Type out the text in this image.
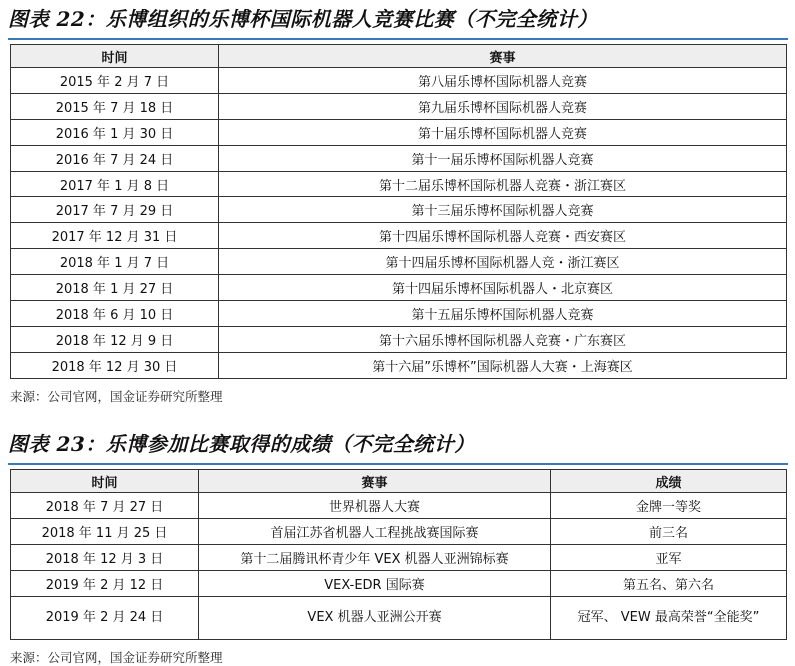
图表 22：乐博组织的乐博杯国际机器人竞赛比赛（不完全统计）
时间	赛事
2015 年 2 月 7 日	第八届乐博杯国际机器人竞赛
2015 年 7 月 18 日	第九届乐博杯国际机器人竞赛
2016 年 1 月 30 日	第十届乐博杯国际机器人竞赛
2016 年 7 月 24 日	第十一届乐博杯国际机器人竞赛
2017 年 1 月 8 日	第十二届乐博杯国际机器人竞赛・浙江赛区
2017 年 7 月 29 日	第十三届乐博杯国际机器人竞赛
2017 年 12 月 31 日	第十四届乐博杯国际机器人竞赛・西安赛区
2018 年 1 月 7 日	第十四届乐博杯国际机器人竞・浙江赛区
2018 年 1 月 27 日	第十四届乐博杯国际机器人・北京赛区
2018 年 6 月 10 日	第十五届乐博杯国际机器人竞赛
2018 年 12 月 9 日	第十六届乐博杯国际机器人竞赛・广东赛区
2018 年 12 月 30 日	第十六届”乐博杯”国际机器人大赛・上海赛区
来源：公司官网，国金证券研究所整理
图表 23：乐博参加比赛取得的成绩（不完全统计）
时间	赛事	成绩
2018 年 7 月 27 日	世界机器人大赛	金牌一等奖
2018 年 11 月 25 日	首届江苏省机器人工程挑战赛国际赛	前三名
2018 年 12 月 3 日	第十二届腾讯杯青少年 VEX 机器人亚洲锦标赛	亚军
2019 年 2 月 12 日	VEX-EDR 国际赛	第五名、第六名
2019 年 2 月 24 日	VEX 机器人亚洲公开赛	冠军、 VEW 最高荣誉“全能奖”
来源：公司官网，国金证券研究所整理
